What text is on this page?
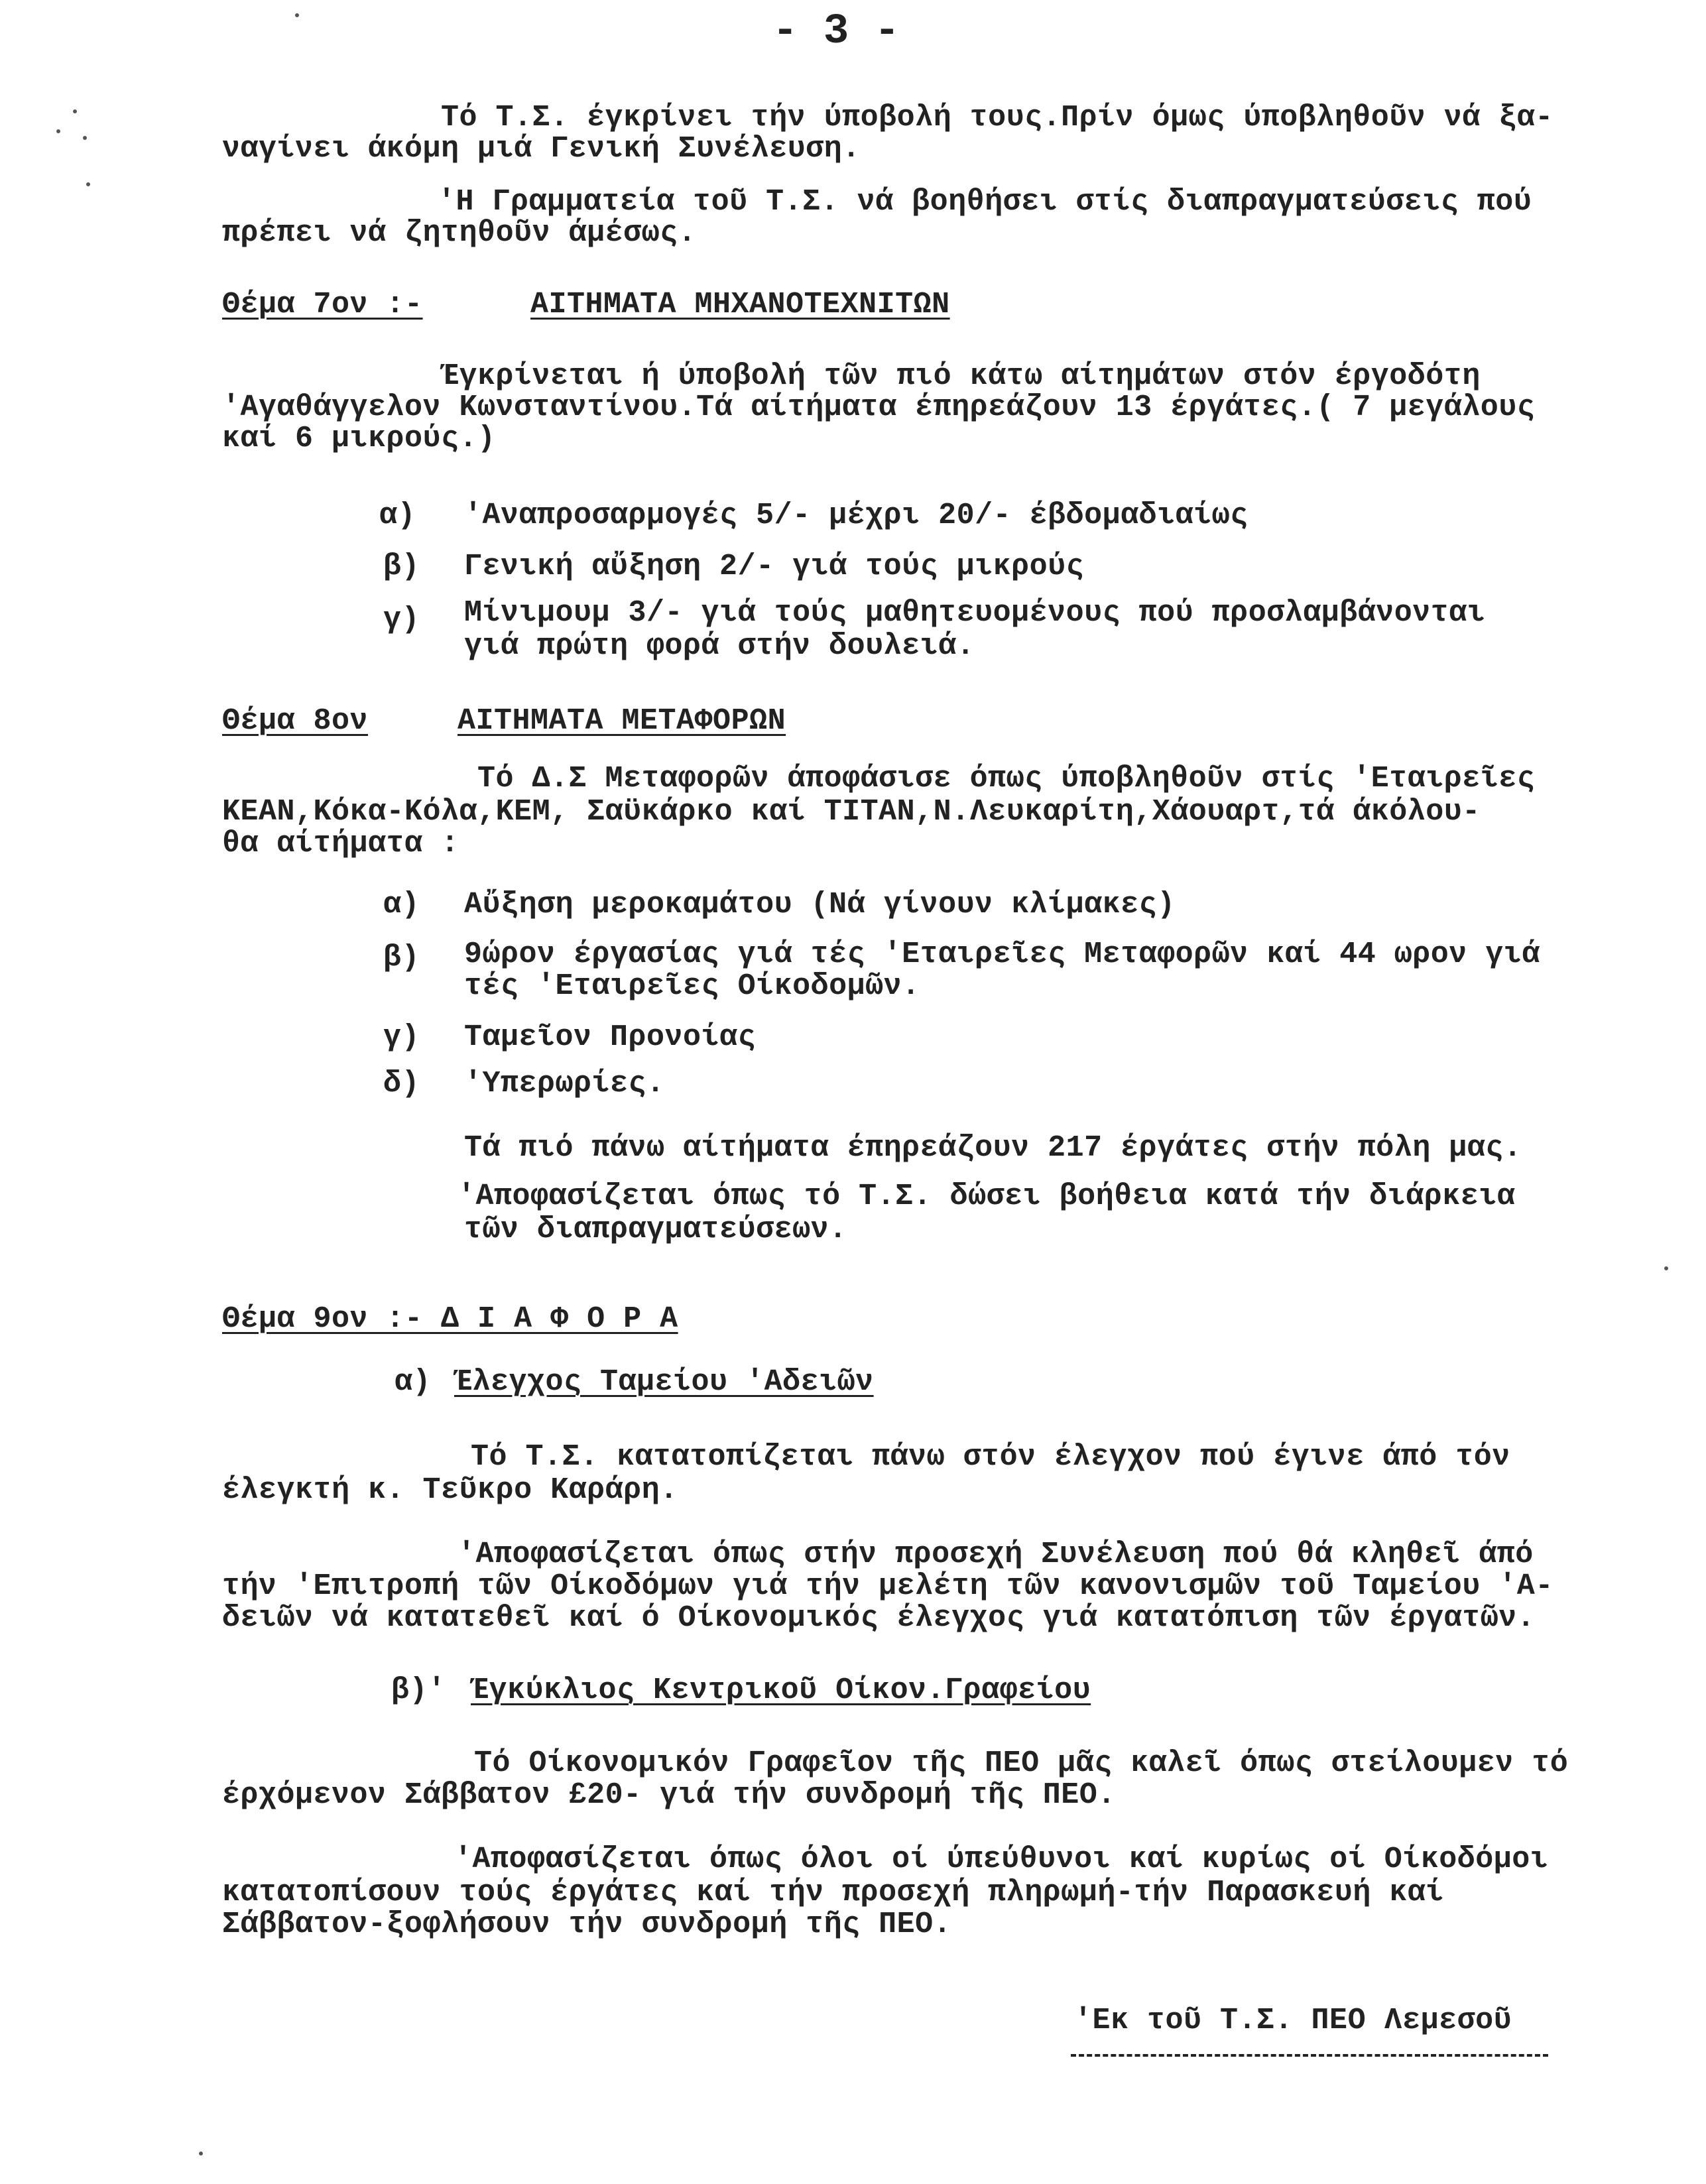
- 3 -

Τό Τ.Σ. έγκρίνει τήν ύποβολή τους.Πρίν όμως ύποβληθοῦν νά ξα-

ναγίνει άκόμη μιά Γενική Συνέλευση.

'Η Γραμματεία τοῦ Τ.Σ. νά βοηθήσει στίς διαπραγματεύσεις πού

πρέπει νά ζητηθοῦν άμέσως.

Θέμα 7ον :-	ΑΙΤΗΜΑΤΑ ΜΗΧΑΝΟΤΕΧΝΙΤΩΝ

Έγκρίνεται ή ύποβολή τῶν πιό κάτω αίτημάτων στόν έργοδότη

'Αγαθάγγελον Κωνσταντίνου.Τά αίτήματα έπηρεάζουν 13 έργάτες.( 7 μεγάλους

καί 6 μικρούς.)

α) 'Αναπροσαρμογές 5/- μέχρι 20/- έβδομαδιαίως

β) Γενική αὔξηση 2/- γιά τούς μικρούς

γ) Μίνιμουμ 3/- γιά τούς μαθητευομένους πού προσλαμβάνονται

γιά πρώτη φορά στήν δουλειά.

Θέμα 8ον	ΑΙΤΗΜΑΤΑ ΜΕΤΑΦΟΡΩΝ

Τό Δ.Σ Μεταφορῶν άποφάσισε όπως ύποβληθοῦν στίς 'Εταιρεῖες

ΚΕΑΝ,Κόκα-Κόλα,ΚΕΜ, Σαϋκάρκο καί ΤΙΤΑΝ,Ν.Λευκαρίτη,Χάουαρτ,τά άκόλου-

θα αίτήματα :

α) Αὔξηση μεροκαμάτου (Νά γίνουν κλίμακες)

β) 9ώρον έργασίας γιά τές 'Εταιρεῖες Μεταφορῶν καί 44 ωρον γιά

τές 'Εταιρεῖες Οίκοδομῶν.

γ) Ταμεῖον Προνοίας

δ) 'Υπερωρίες.

Τά πιό πάνω αίτήματα έπηρεάζουν 217 έργάτες στήν πόλη μας.

'Αποφασίζεται όπως τό Τ.Σ. δώσει βοήθεια κατά τήν διάρκεια

τῶν διαπραγματεύσεων.

Θέμα 9ον :- Δ Ι Α Φ Ο Ρ Α

α) Έλεγχος Ταμείου 'Αδειῶν

Τό Τ.Σ. κατατοπίζεται πάνω στόν έλεγχον πού έγινε άπό τόν

έλεγκτή κ. Τεῦκρο Καράρη.

'Αποφασίζεται όπως στήν προσεχή Συνέλευση πού θά κληθεῖ άπό

τήν 'Επιτροπή τῶν Οίκοδόμων γιά τήν μελέτη τῶν κανονισμῶν τοῦ Ταμείου 'Α-

δειῶν νά κατατεθεῖ καί ό Οίκονομικός έλεγχος γιά κατατόπιση τῶν έργατῶν.

β)' Έγκύκλιος Κεντρικοῦ Οίκον.Γραφείου

Τό Οίκονομικόν Γραφεῖον τῆς ΠΕΟ μᾶς καλεῖ όπως στείλουμεν τό

έρχόμενον Σάββατον £20- γιά τήν συνδρομή τῆς ΠΕΟ.

'Αποφασίζεται όπως όλοι οί ύπεύθυνοι καί κυρίως οί Οίκοδόμοι

κατατοπίσουν τούς έργάτες καί τήν προσεχή πληρωμή-τήν Παρασκευή καί

Σάββατον-ξοφλήσουν τήν συνδρομή τῆς ΠΕΟ.

'Εκ τοῦ Τ.Σ. ΠΕΟ Λεμεσοῦ
